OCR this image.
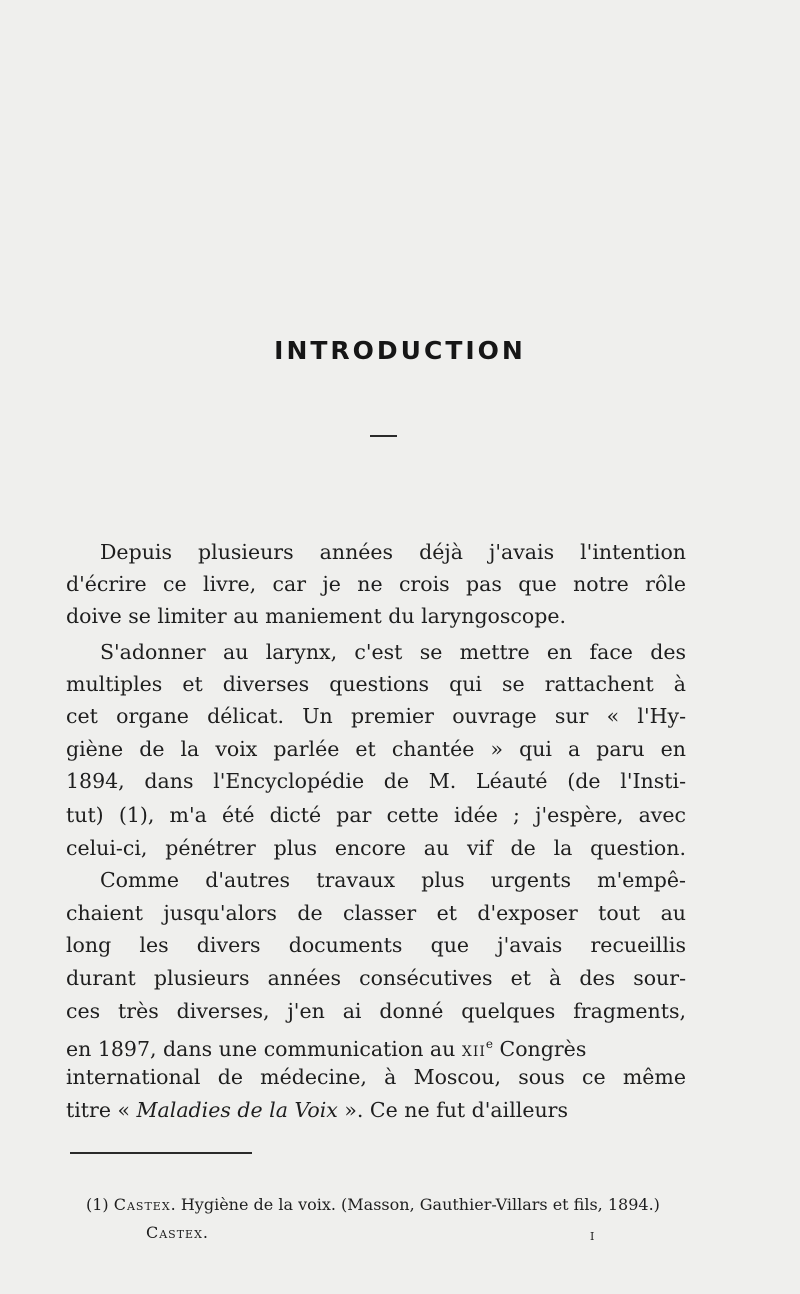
INTRODUCTION
Depuis plusieurs années déjà j'avais l'intention
d'écrire ce livre, car je ne crois pas que notre rôle
doive se limiter au maniement du laryngoscope.
S'adonner au larynx, c'est se mettre en face des
multiples et diverses questions qui se rattachent à
cet organe délicat. Un premier ouvrage sur « l'Hy-
giène de la voix parlée et chantée » qui a paru en
1894, dans l'Encyclopédie de M. Léauté (de l'Insti-
tut) (1), m'a été dicté par cette idée ; j'espère, avec
celui-ci, pénétrer plus encore au vif de la question.
Comme d'autres travaux plus urgents m'empê-
chaient jusqu'alors de classer et d'exposer tout au
long les divers documents que j'avais recueillis
durant plusieurs années consécutives et à des sour-
ces très diverses, j'en ai donné quelques fragments,
en 1897, dans une communication au xii$^e$ Congrès
international de médecine, à Moscou, sous ce même
titre « Maladies de la Voix ». Ce ne fut d'ailleurs
(1) Castex. Hygiène de la voix. (Masson, Gauthier-Villars et fils, 1894.)
Castex.	i
